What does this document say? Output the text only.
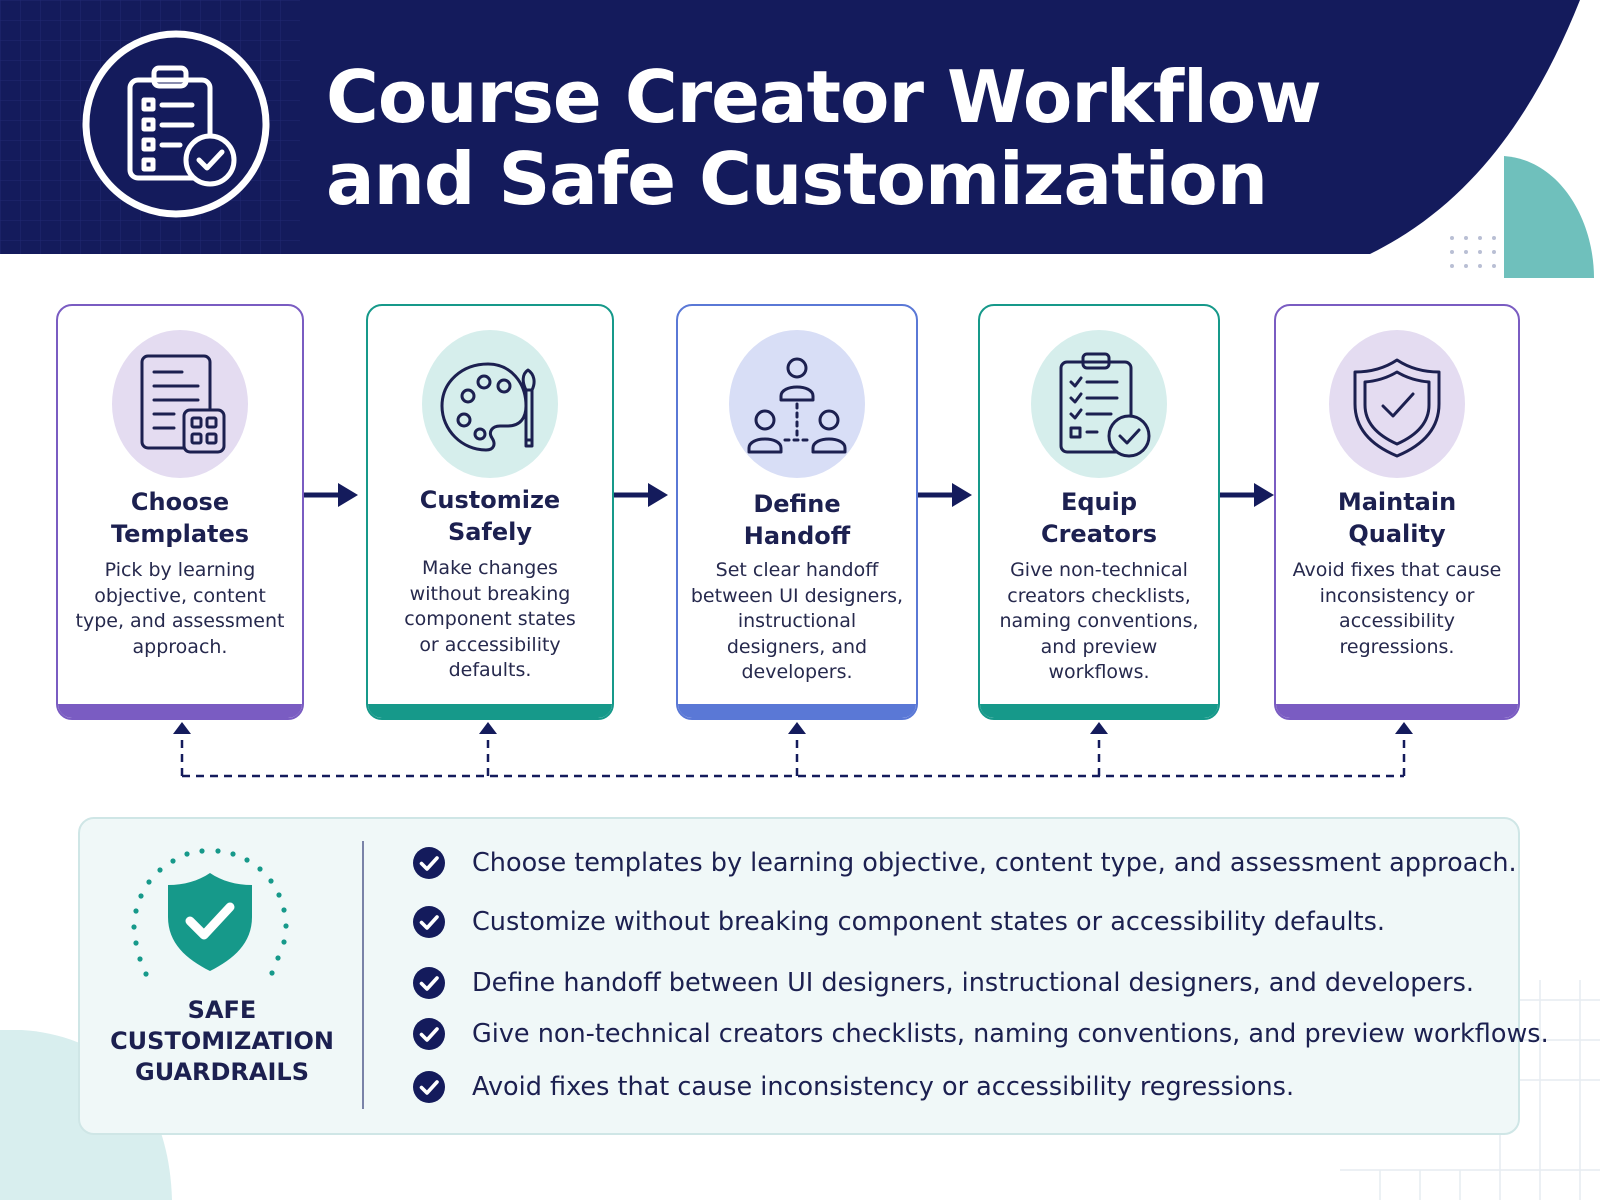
Course Creator Workflow
and Safe Customization
Choose
Templates
Pick by learning
objective, content
type, and assessment
approach.
Customize
Safely
Make changes
without breaking
component states
or accessibility
defaults.
Define
Handoff
Set clear handoff
between UI designers,
instructional
designers, and
developers.
Equip
Creators
Give non-technical
creators checklists,
naming conventions,
and preview
workflows.
Maintain
Quality
Avoid fixes that cause
inconsistency or
accessibility
regressions.
SAFE
CUSTOMIZATION
GUARDRAILS
Choose templates by learning objective, content type, and assessment approach.
Customize without breaking component states or accessibility defaults.
Define handoff between UI designers, instructional designers, and developers.
Give non-technical creators checklists, naming conventions, and preview workflows.
Avoid fixes that cause inconsistency or accessibility regressions.
